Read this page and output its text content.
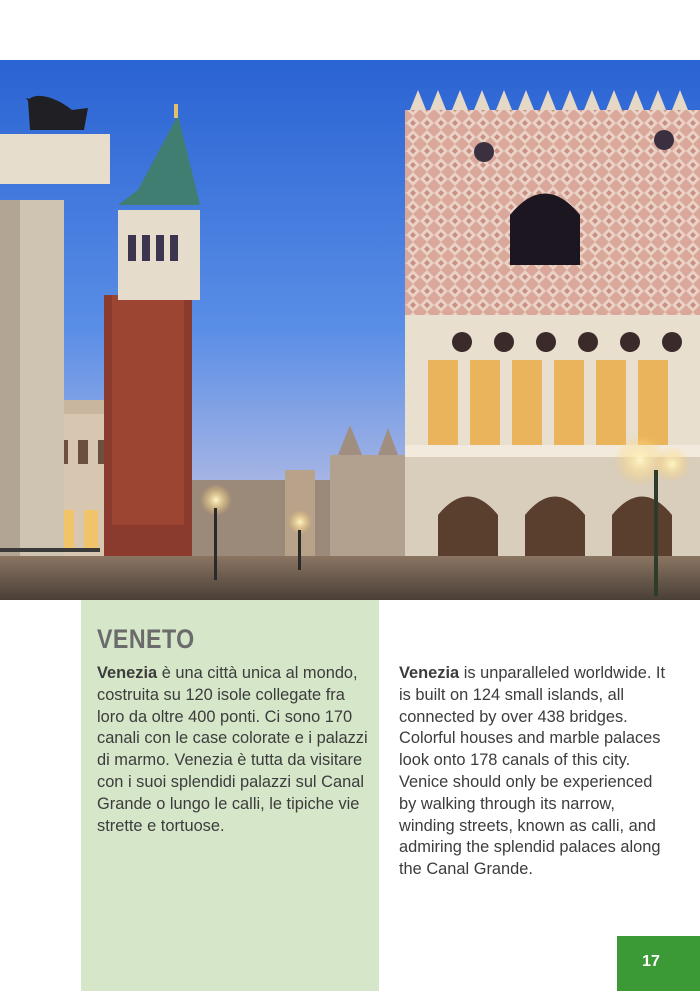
VENETO
Venezia è una città unica al mondo, costruita su 120 isole collegate fra loro da oltre 400 ponti. Ci sono 170 canali con le case colorate e i palazzi di marmo. Venezia è tutta da visitare con i suoi splendidi palazzi sul Canal Grande o lungo le calli, le tipiche vie strette e tortuose.
Venezia is unparalleled worldwide. It is built on 124 small islands, all connected by over 438 bridges. Colorful houses and marble palaces look onto 178 canals of this city. Venice should only be experienced by walking through its narrow, winding streets, known as calli, and admiring the splendid palaces along the Canal Grande.
17
